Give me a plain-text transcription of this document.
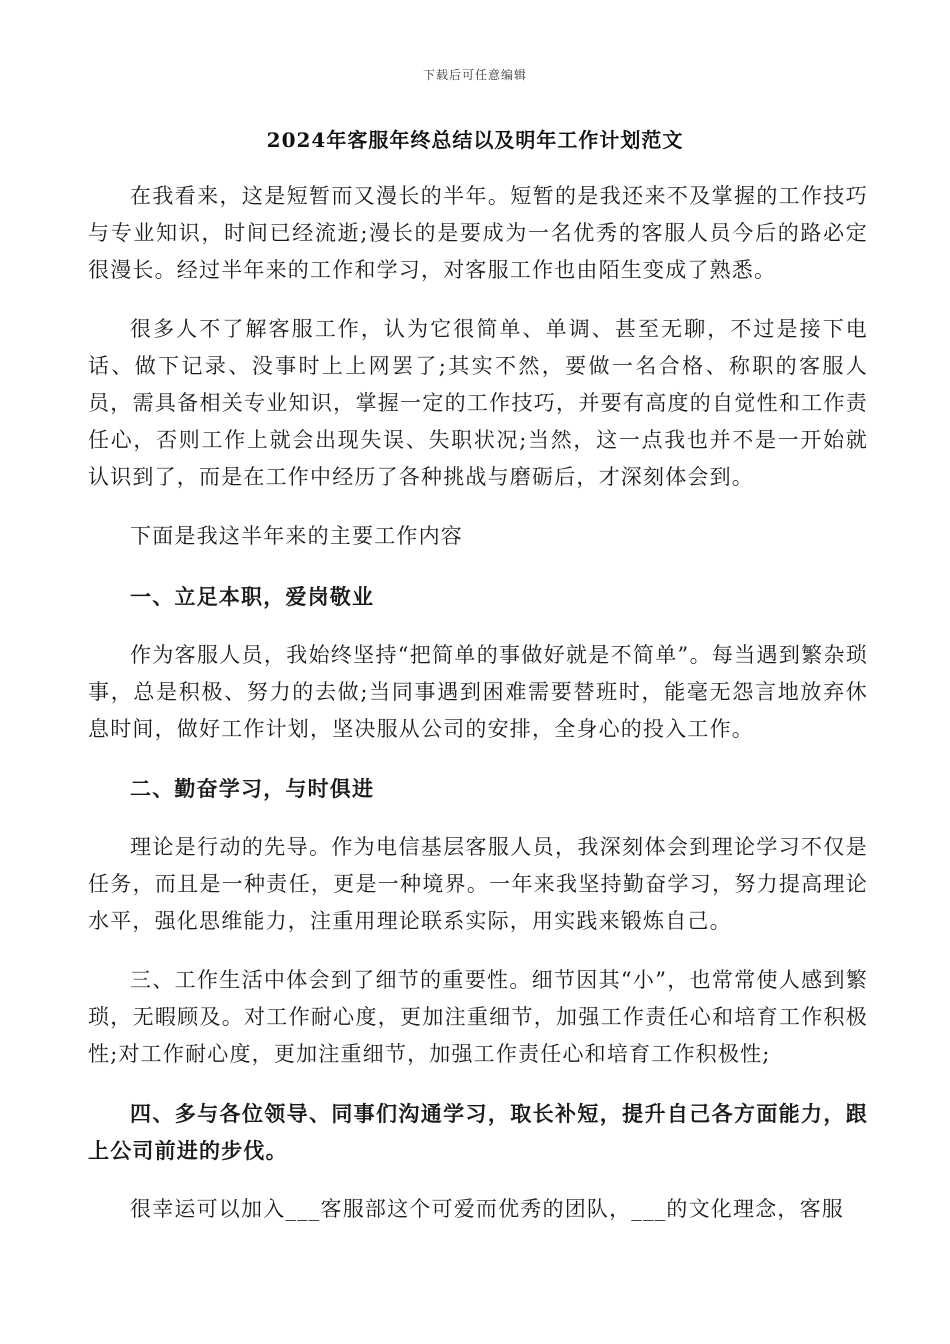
下载后可任意编辑
2024年客服年终总结以及明年工作计划范文

在我看来，这是短暂而又漫长的半年。短暂的是我还来不及掌握的工作技巧与专业知识，时间已经流逝;漫长的是要成为一名优秀的客服人员今后的路必定很漫长。经过半年来的工作和学习，对客服工作也由陌生变成了熟悉。

很多人不了解客服工作，认为它很简单、单调、甚至无聊，不过是接下电话、做下记录、没事时上上网罢了;其实不然，要做一名合格、称职的客服人员，需具备相关专业知识，掌握一定的工作技巧，并要有高度的自觉性和工作责任心，否则工作上就会出现失误、失职状况;当然，这一点我也并不是一开始就认识到了，而是在工作中经历了各种挑战与磨砺后，才深刻体会到。

下面是我这半年来的主要工作内容

一、立足本职，爱岗敬业

作为客服人员，我始终坚持“把简单的事做好就是不简单”。每当遇到繁杂琐事，总是积极、努力的去做;当同事遇到困难需要替班时，能毫无怨言地放弃休息时间，做好工作计划，坚决服从公司的安排，全身心的投入工作。

二、勤奋学习，与时俱进

理论是行动的先导。作为电信基层客服人员，我深刻体会到理论学习不仅是任务，而且是一种责任，更是一种境界。一年来我坚持勤奋学习，努力提高理论水平，强化思维能力，注重用理论联系实际，用实践来锻炼自己。

三、工作生活中体会到了细节的重要性。细节因其“小”，也常常使人感到繁琐，无暇顾及。对工作耐心度，更加注重细节，加强工作责任心和培育工作积极性;对工作耐心度，更加注重细节，加强工作责任心和培育工作积极性;

四、多与各位领导、同事们沟通学习，取长补短，提升自己各方面能力，跟上公司前进的步伐。

很幸运可以加入___客服部这个可爱而优秀的团队，___的文化理念，客服
